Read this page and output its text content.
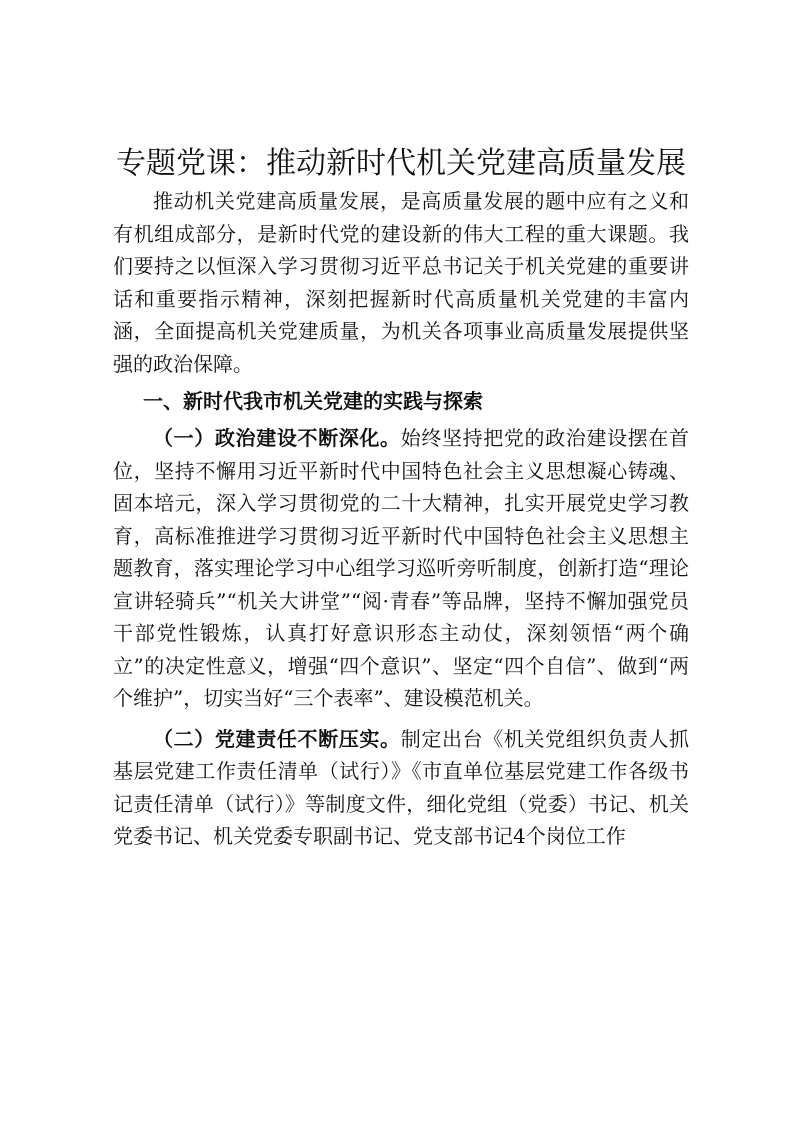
专题党课：推动新时代机关党建高质量发展

推动机关党建高质量发展，是高质量发展的题中应有之义和有机组成部分，是新时代党的建设新的伟大工程的重大课题。我们要持之以恒深入学习贯彻习近平总书记关于机关党建的重要讲话和重要指示精神，深刻把握新时代高质量机关党建的丰富内涵，全面提高机关党建质量，为机关各项事业高质量发展提供坚强的政治保障。

一、新时代我市机关党建的实践与探索

（一）政治建设不断深化。始终坚持把党的政治建设摆在首位，坚持不懈用习近平新时代中国特色社会主义思想凝心铸魂、固本培元，深入学习贯彻党的二十大精神，扎实开展党史学习教育，高标准推进学习贯彻习近平新时代中国特色社会主义思想主题教育，落实理论学习中心组学习巡听旁听制度，创新打造“理论宣讲轻骑兵”“机关大讲堂”“阅·青春”等品牌，坚持不懈加强党员干部党性锻炼，认真打好意识形态主动仗，深刻领悟“两个确立”的决定性意义，增强“四个意识”、坚定“四个自信”、做到“两个维护”，切实当好“三个表率”、建设模范机关。

（二）党建责任不断压实。制定出台《机关党组织负责人抓基层党建工作责任清单（试行）》《市直单位基层党建工作各级书记责任清单（试行）》等制度文件，细化党组（党委）书记、机关党委书记、机关党委专职副书记、党支部书记4个岗位工作
